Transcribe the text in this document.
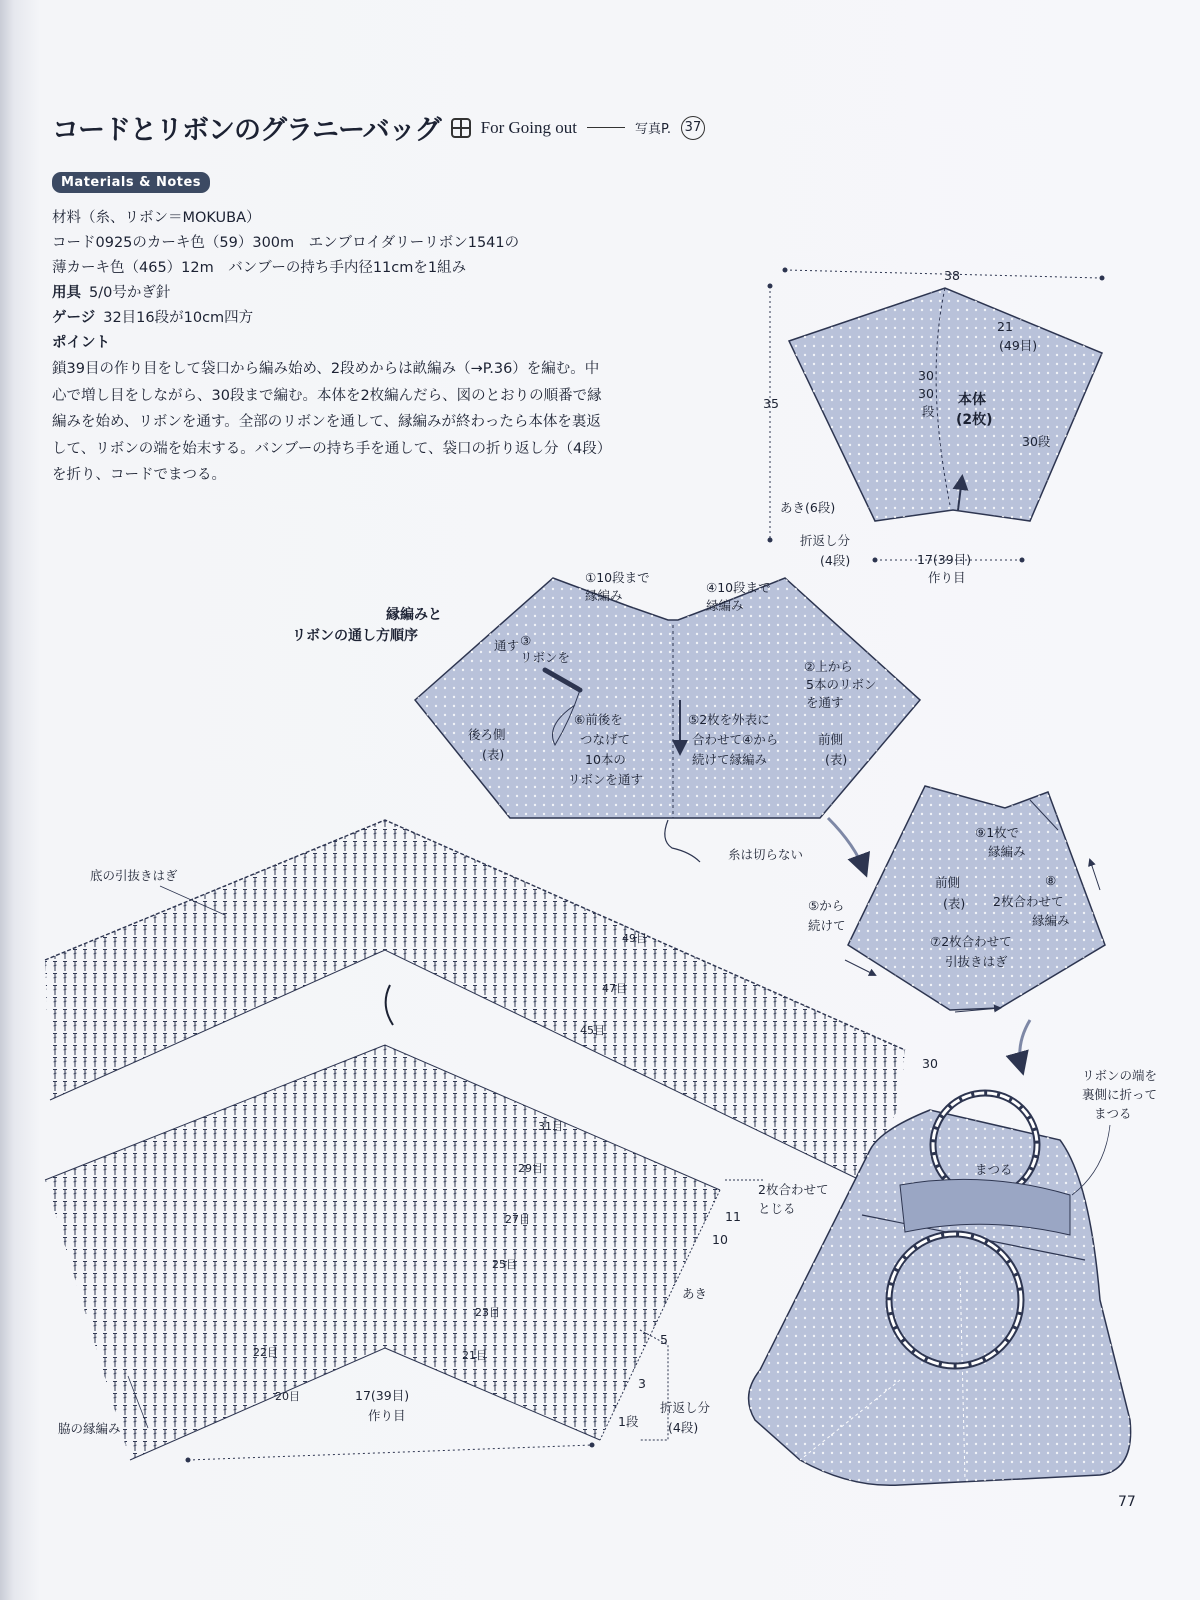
コードとリボンのグラニーバッグ For Going out	写真P. 37
Materials & Notes
材料（糸、リボン＝MOKUBA）
コード0925のカーキ色（59）300m　エンブロイダリーリボン1541の
薄カーキ色（465）12m　バンブーの持ち手内径11cmを1組み
用具 5/0号かぎ針
ゲージ 32目16段が10cm四方
ポイント
鎖39目の作り目をして袋口から編み始め、2段めからは畝編み（→P.36）を編む。中心で増し目をしながら、30段まで編む。本体を2枚編んだら、図のとおりの順番で縁編みを始め、リボンを通す。全部のリボンを通して、縁編みが終わったら本体を裏返して、リボンの端を始末する。バンブーの持ち手を通して、袋口の折り返し分（4段）を折り、コードでまつる。
38
35
21
(49目)
30
30
段
本体
(2枚)
30段
あき(6段)
折返し分
(4段)	17(39目)
作り目
縁編みと
リボンの通し方順序
①10段まで
縁編み
④10段まで
縁編み
②上から
5本のリボン
を通す
③
通す
リボンを
⑥前後を
つなげて
10本の
リボンを通す
⑤2枚を外表に
合わせて④から
続けて縁編み
後ろ側
(表)
前側
(表)
糸は切らない
⑨1枚で
縁編み
前側
(表)
⑧
2枚合わせて
縁編み
⑤から
続けて
⑦2枚合わせて
引抜きはぎ
底の引抜きはぎ
49目
47目
45目
31目
29目
27目
25目
23目
21目
22目
20目
30
11
10
5
3
1段
2枚合わせて
とじる
あき
折返し分
(4段)
脇の縁編み
17(39目)
作り目
リボンの端を
裏側に折って
まつる
まつる
77
